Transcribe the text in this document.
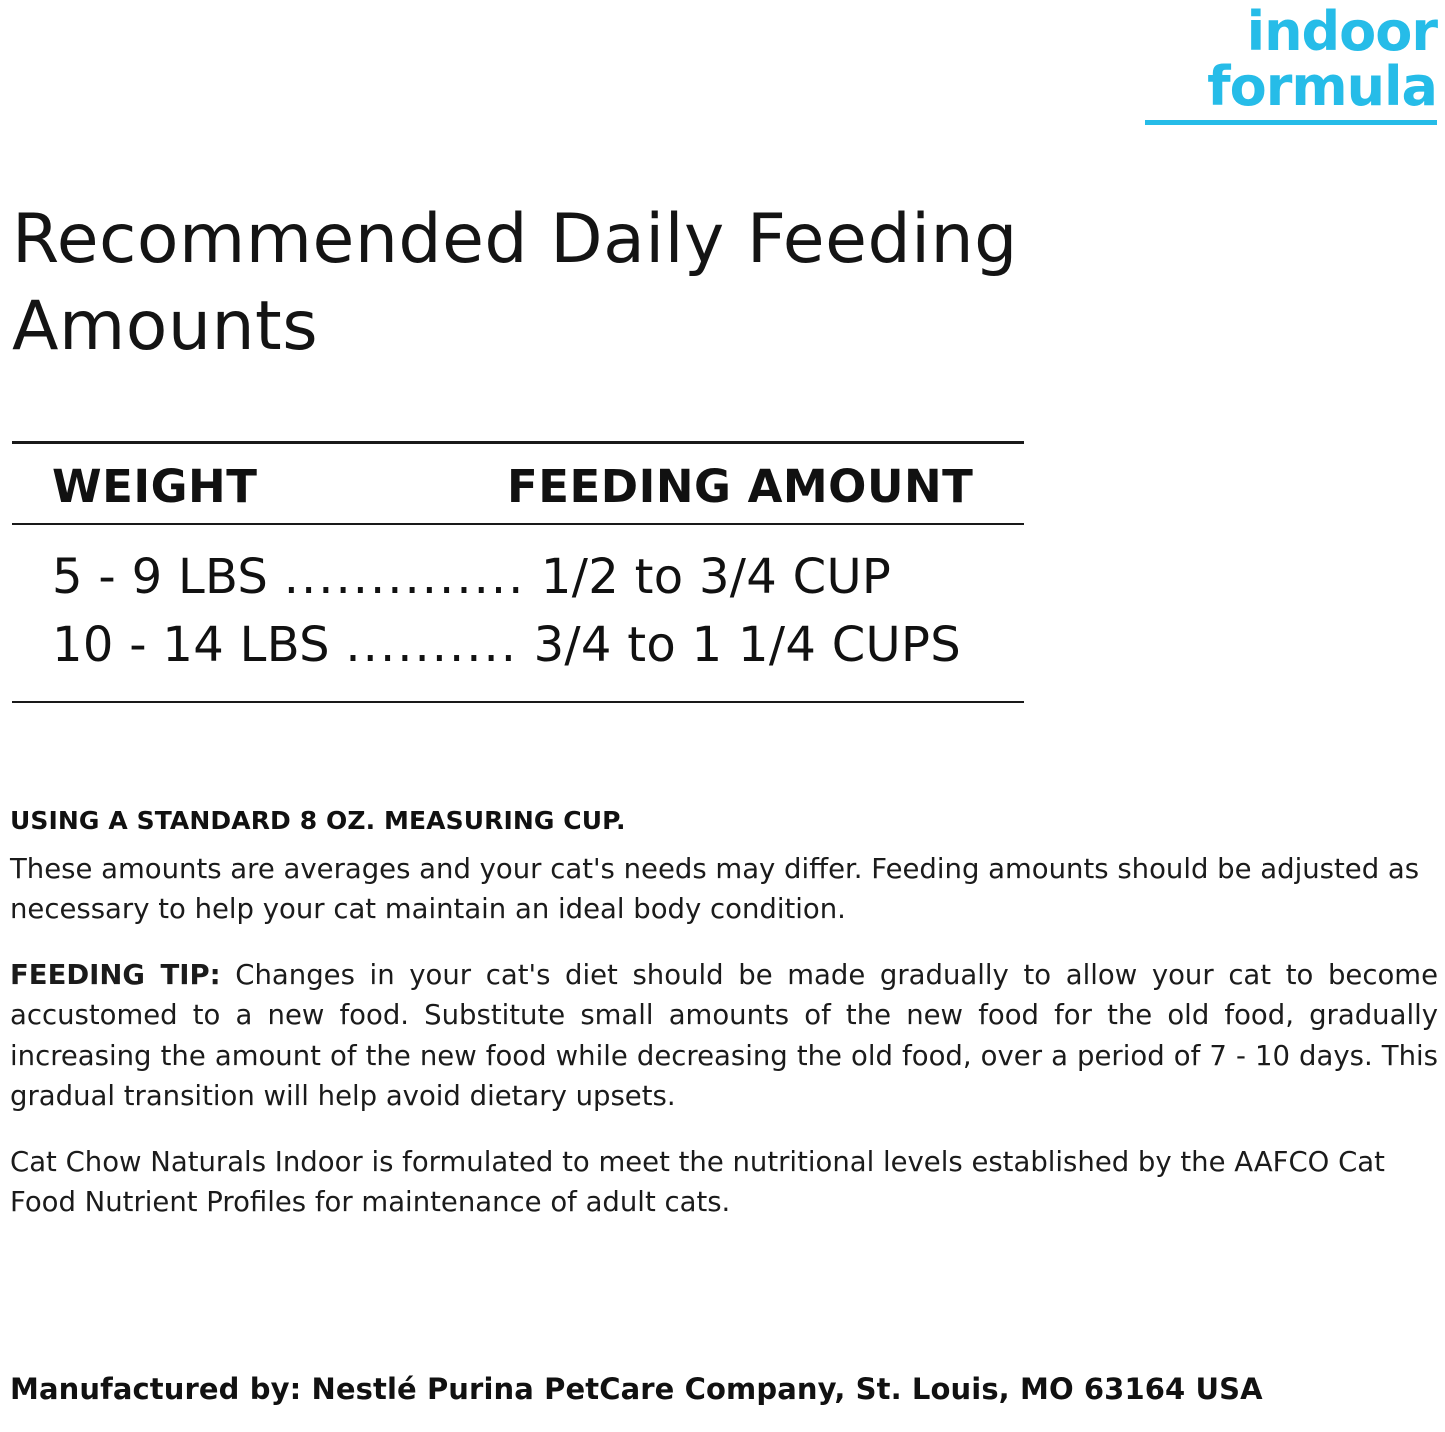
indoor
formula
Recommended Daily Feeding Amounts
WEIGHT	FEEDING AMOUNT
5 - 9 LBS .............. 1/2 to 3/4 CUP
10 - 14 LBS .......... 3/4 to 1 1/4 CUPS
USING A STANDARD 8 OZ. MEASURING CUP.

These amounts are averages and your cat's needs may differ. Feeding amounts should be adjusted as necessary to help your cat maintain an ideal body condition.

FEEDING TIP: Changes in your cat's diet should be made gradually to allow your cat to become accustomed to a new food. Substitute small amounts of the new food for the old food, gradually increasing the amount of the new food while decreasing the old food, over a period of 7 - 10 days. This gradual transition will help avoid dietary upsets.

Cat Chow Naturals Indoor is formulated to meet the nutritional levels established by the AAFCO Cat Food Nutrient Profiles for maintenance of adult cats.

Manufactured by: Nestlé Purina PetCare Company, St. Louis, MO 63164 USA
